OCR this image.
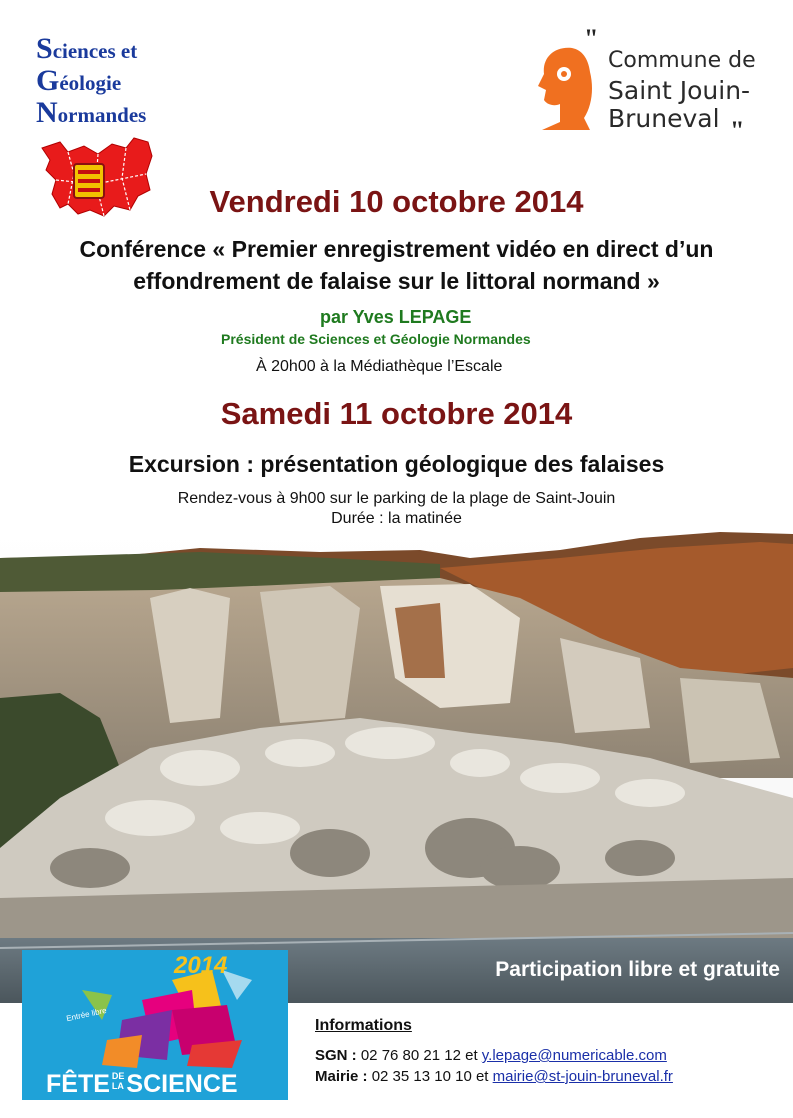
Sciences et
Géologie
Normandes
"
Commune de
Saint Jouin-
Bruneval "
Vendredi 10 octobre 2014
Conférence « Premier enregistrement vidéo en direct d’un
effondrement de falaise sur le littoral normand »
par Yves LEPAGE
Président de Sciences et Géologie Normandes
À 20h00 à la Médiathèque l’Escale
Samedi 11 octobre 2014
Excursion : présentation géologique des falaises
Rendez-vous à 9h00 sur le parking de la plage de Saint-Jouin
Durée : la matinée
Participation libre et gratuite
2014
Entrée libre
FÊTE DE
LA SCIENCE
Informations
SGN : 02 76 80 21 12 et y.lepage@numericable.com
Mairie : 02 35 13 10 10 et mairie@st-jouin-bruneval.fr
